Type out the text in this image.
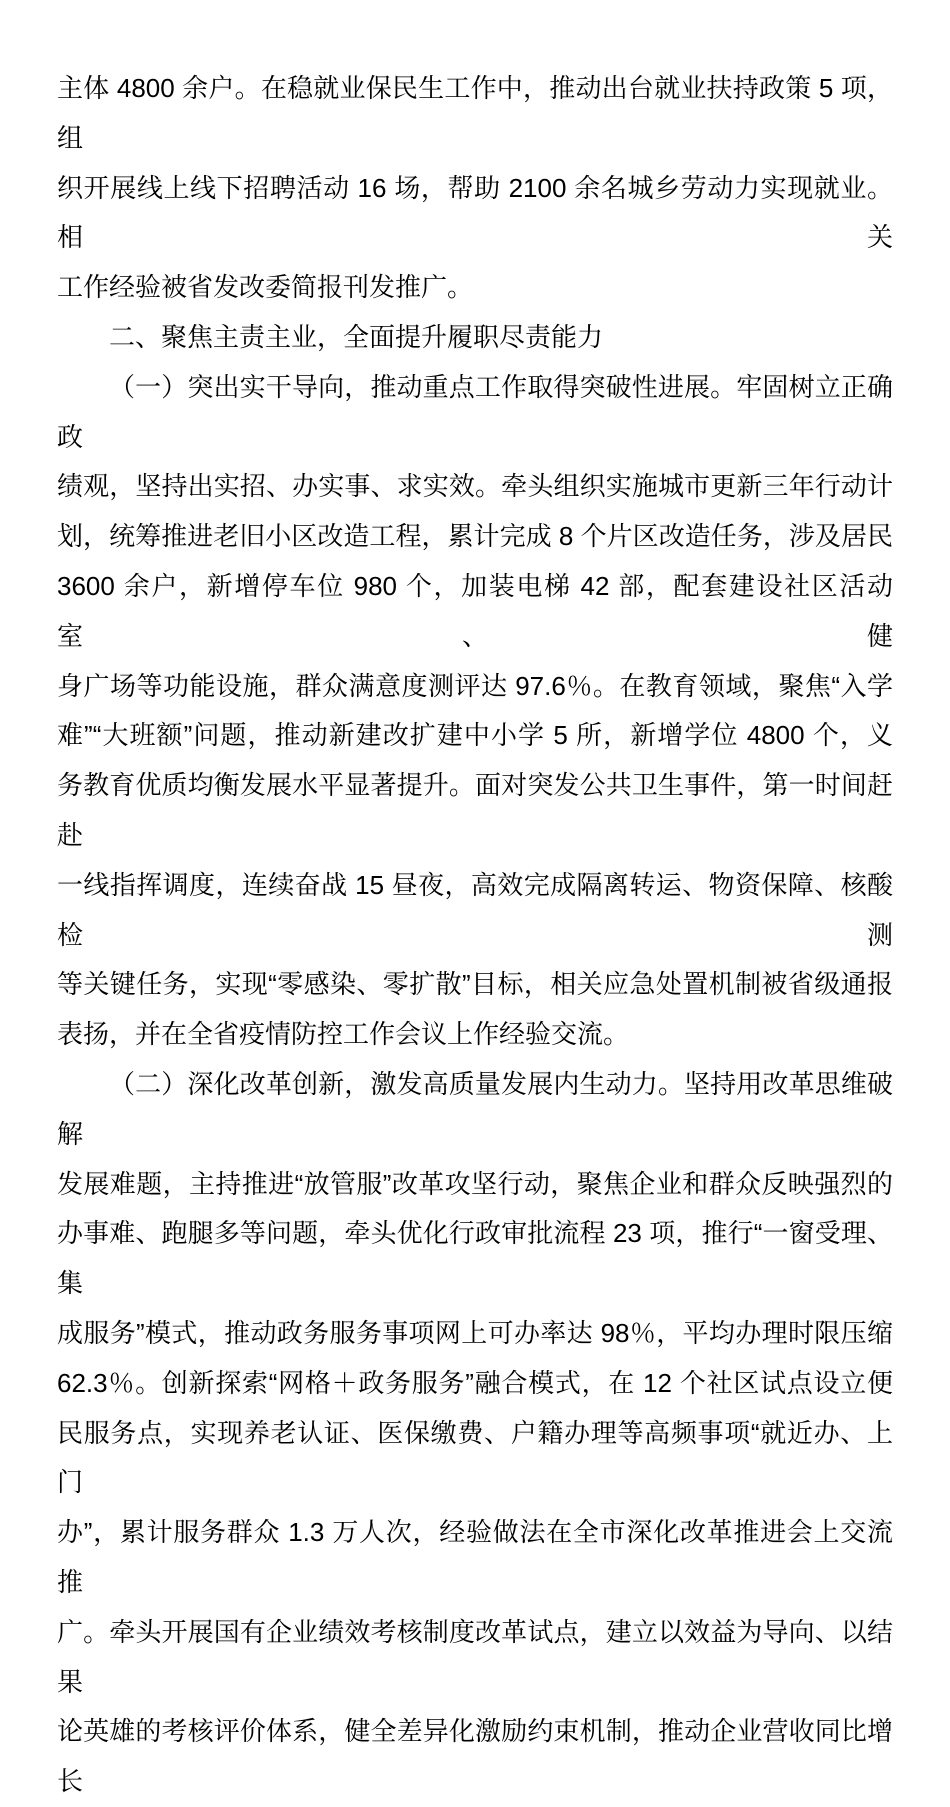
主体 4800 余户。在稳就业保民生工作中，推动出台就业扶持政策 5 项，组
织开展线上线下招聘活动 16 场，帮助 2100 余名城乡劳动力实现就业。相关
工作经验被省发改委简报刊发推广。
二、聚焦主责主业，全面提升履职尽责能力
（一）突出实干导向，推动重点工作取得突破性进展。牢固树立正确政
绩观，坚持出实招、办实事、求实效。牵头组织实施城市更新三年行动计
划，统筹推进老旧小区改造工程，累计完成 8 个片区改造任务，涉及居民
3600 余户，新增停车位 980 个，加装电梯 42 部，配套建设社区活动室、健
身广场等功能设施，群众满意度测评达 97.6％。在教育领域，聚焦“入学
难”“大班额”问题，推动新建改扩建中小学 5 所，新增学位 4800 个，义
务教育优质均衡发展水平显著提升。面对突发公共卫生事件，第一时间赶赴
一线指挥调度，连续奋战 15 昼夜，高效完成隔离转运、物资保障、核酸检测
等关键任务，实现“零感染、零扩散”目标，相关应急处置机制被省级通报
表扬，并在全省疫情防控工作会议上作经验交流。
（二）深化改革创新，激发高质量发展内生动力。坚持用改革思维破解
发展难题，主持推进“放管服”改革攻坚行动，聚焦企业和群众反映强烈的
办事难、跑腿多等问题，牵头优化行政审批流程 23 项，推行“一窗受理、集
成服务”模式，推动政务服务事项网上可办率达 98％，平均办理时限压缩
62.3％。创新探索“网格＋政务服务”融合模式，在 12 个社区试点设立便
民服务点，实现养老认证、医保缴费、户籍办理等高频事项“就近办、上门
办”，累计服务群众 1.3 万人次，经验做法在全市深化改革推进会上交流推
广。牵头开展国有企业绩效考核制度改革试点，建立以效益为导向、以结果
论英雄的考核评价体系，健全差异化激励约束机制，推动企业营收同比增长
